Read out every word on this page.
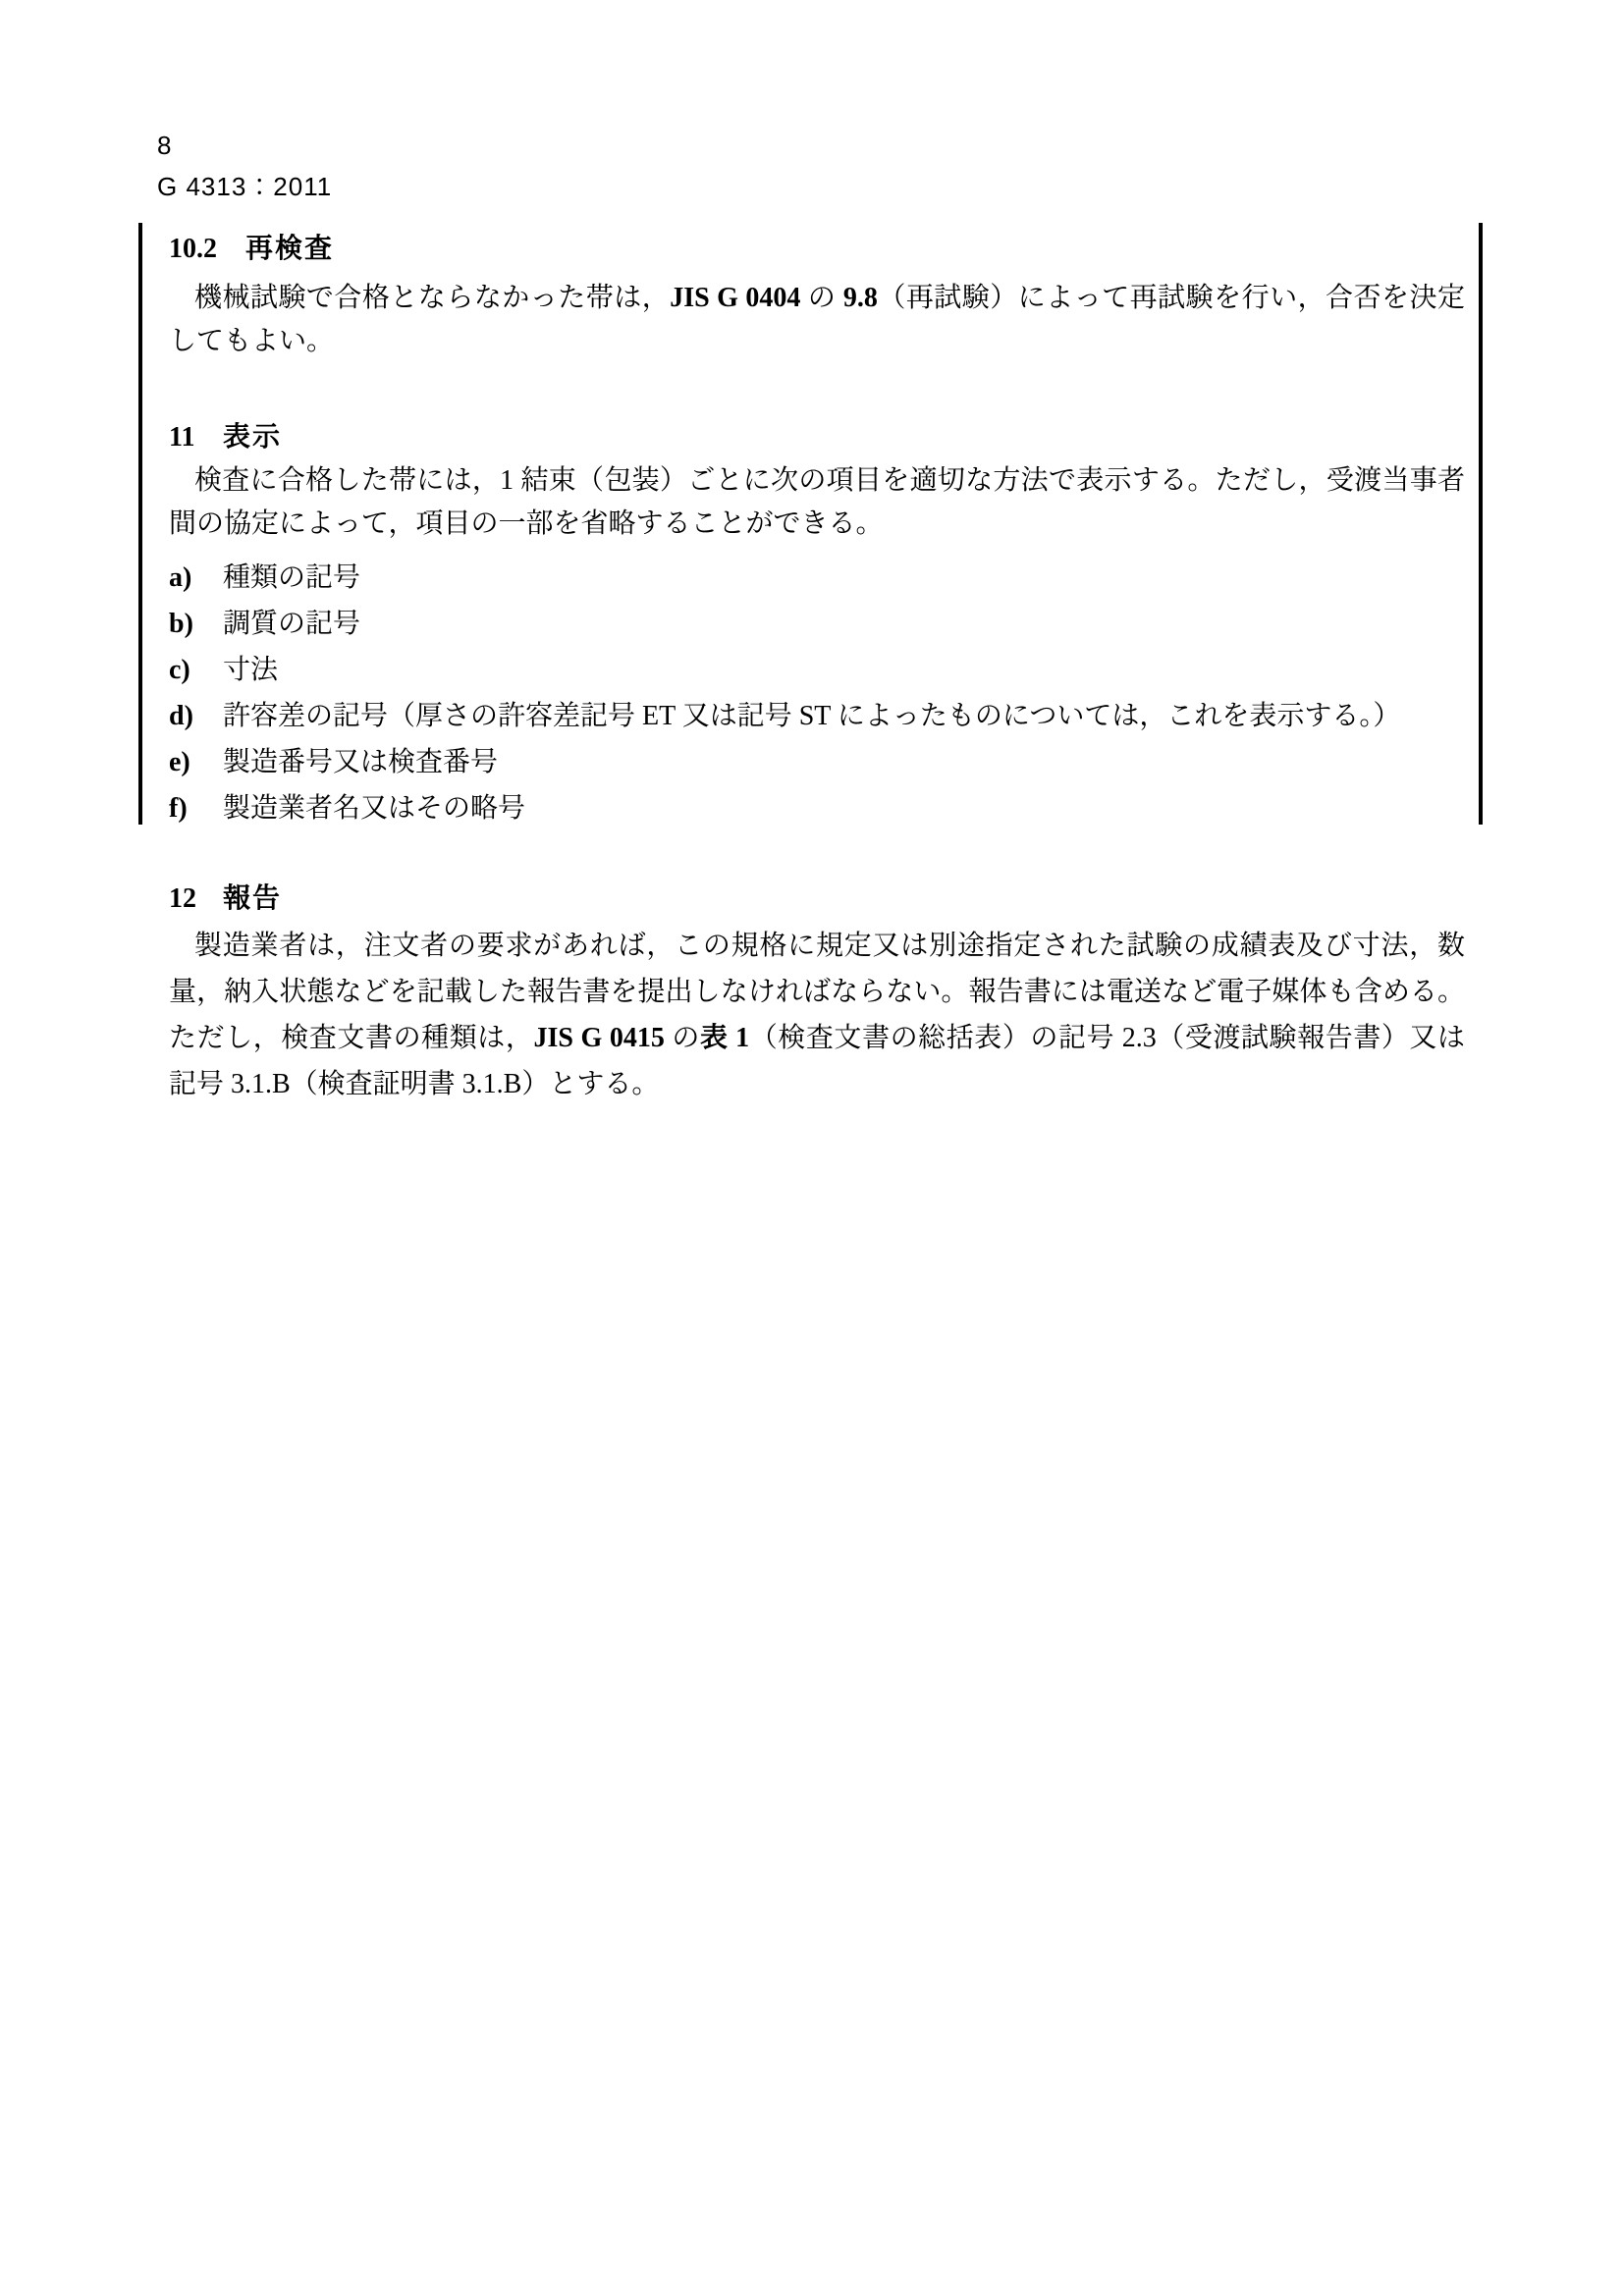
8
G 4313：2011
10.2 再検査
機械試験で合格とならなかった帯は，JIS G 0404 の 9.8（再試験）によって再試験を行い，合否を決定してもよい。
11 表示
検査に合格した帯には，1 結束（包装）ごとに次の項目を適切な方法で表示する。ただし，受渡当事者間の協定によって，項目の一部を省略することができる。
a)	種類の記号
b)	調質の記号
c)	寸法
d)	許容差の記号（厚さの許容差記号 ET 又は記号 ST によったものについては，これを表示する。）
e)	製造番号又は検査番号
f)	製造業者名又はその略号
12 報告
製造業者は，注文者の要求があれば，この規格に規定又は別途指定された試験の成績表及び寸法，数量，納入状態などを記載した報告書を提出しなければならない。報告書には電送など電子媒体も含める。ただし，検査文書の種類は，JIS G 0415 の表 1（検査文書の総括表）の記号 2.3（受渡試験報告書）又は記号 3.1.B（検査証明書 3.1.B）とする。
